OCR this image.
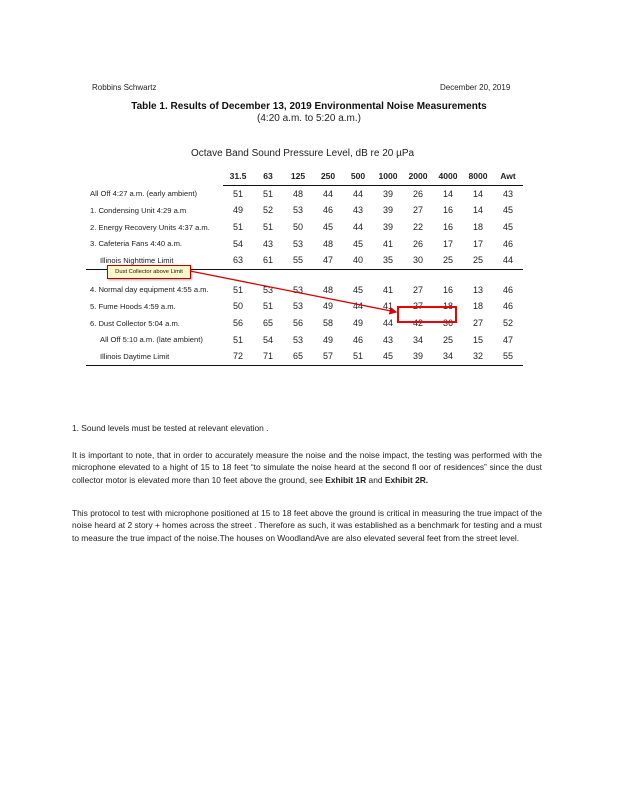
Robbins Schwartz	December 20, 2019
Table 1. Results of December 13, 2019 Environmental Noise Measurements
(4:20 a.m. to 5:20 a.m.)
Octave Band Sound Pressure Level, dB re 20 µPa
	31.5	63	125	250	500	1000	2000	4000	8000	Awt
All Off 4:27 a.m. (early ambient)	51	51	48	44	44	39	26	14	14	43
1. Condensing Unit 4:29 a.m	49	52	53	46	43	39	27	16	14	45
2. Energy Recovery Units 4:37 a.m.	51	51	50	45	44	39	22	16	18	45
3. Cafeteria Fans 4:40 a.m.	54	43	53	48	45	41	26	17	17	46
Illinois Nighttime Limit	63	61	55	47	40	35	30	25	25	44

4. Normal day equipment 4:55 a.m.	51	53	53	48	45	41	27	16	13	46
5. Fume Hoods 4:59 a.m.	50	51	53	49	44	41	27	18	18	46
6. Dust Collector 5:04 a.m.	56	65	56	58	49	44	42	36	27	52
All Off 5:10 a.m. (late ambient)	51	54	53	49	46	43	34	25	15	47
Illinois Daytime Limit	72	71	65	57	51	45	39	34	32	55
Dust Collector above Limit
1. Sound levels must be tested at relevant elevation .
It is important to note, that in order to accurately measure the noise and the noise impact, the testing was performed with the microphone elevated to a hight of 15 to 18 feet “to simulate the noise heard at the second fl oor of residences” since the dust collector motor is elevated more than 10 feet above the ground, see Exhibit 1R and Exhibit 2R.
This protocol to test with microphone positioned at 15 to 18 feet above the ground is critical in measuring the true impact of the noise heard at 2 story + homes across the street . Therefore as such, it was established as a benchmark for testing and a must to measure the true impact of the noise.The houses on WoodlandAve are also elevated several feet from the street level.
